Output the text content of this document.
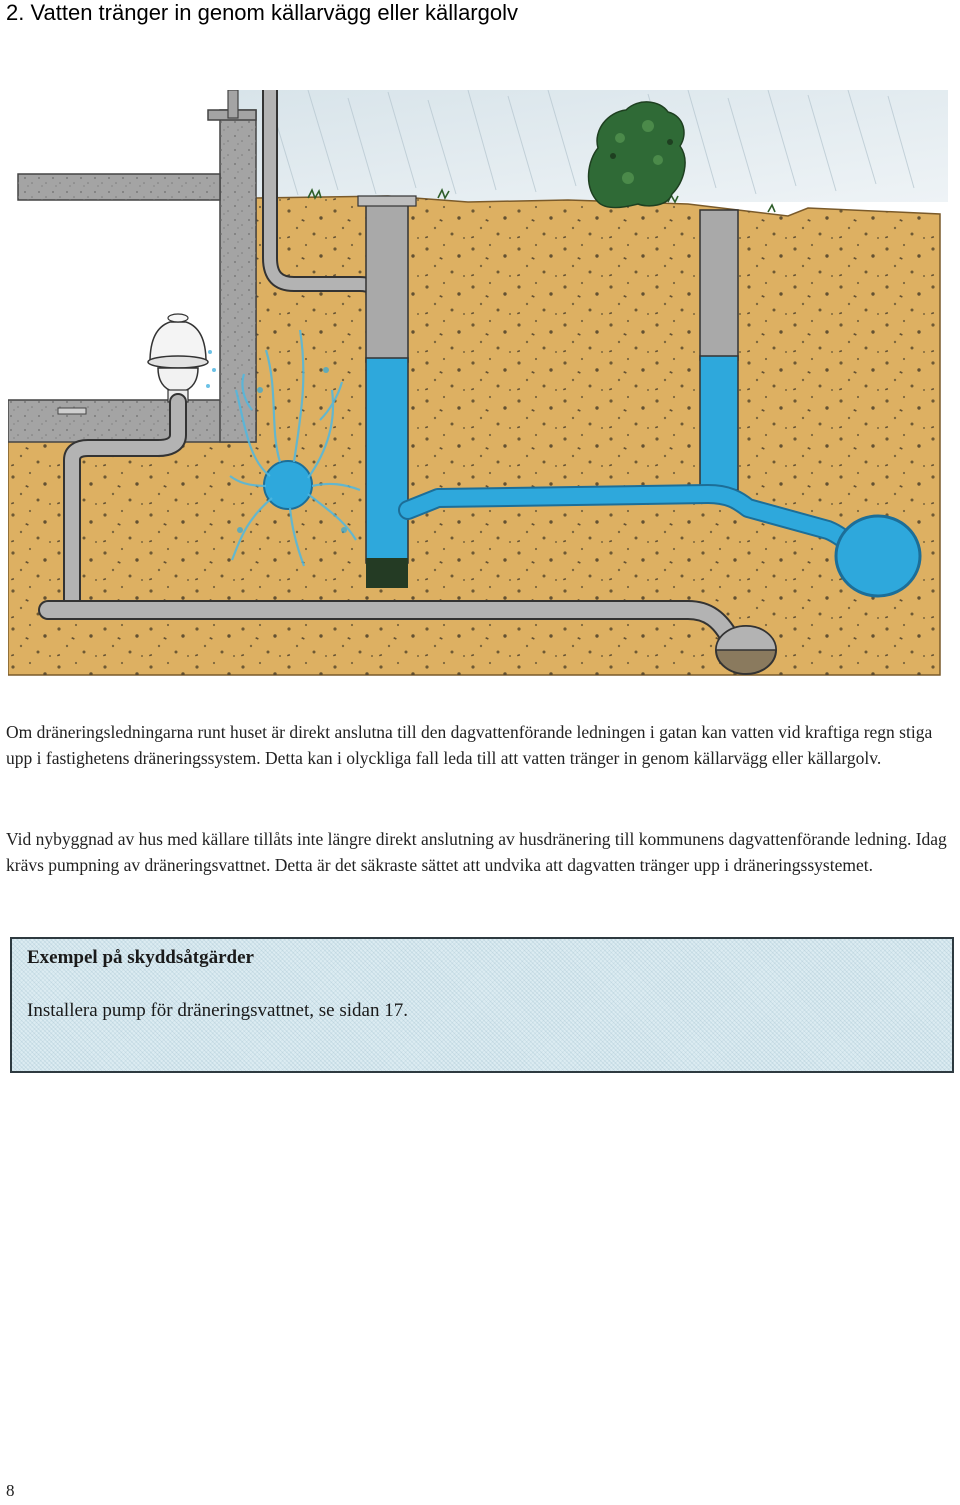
2. Vatten tränger in genom källarvägg eller källargolv

Om dräneringsledningarna runt huset är direkt anslutna till den dagvattenförande ledningen i gatan kan vatten vid kraftiga regn stiga upp i fastighetens dräneringssystem. Detta kan i olyckliga fall leda till att vatten tränger in genom källarvägg eller källargolv.

Vid nybyggnad av hus med källare tillåts inte längre direkt anslutning av husdränering till kommunens dagvattenförande ledning. Idag krävs pumpning av dräneringsvattnet. Detta är det säkraste sättet att undvika att dagvatten tränger upp i dräneringssystemet.

Exempel på skyddsåtgärder

Installera pump för dräneringsvattnet, se sidan 17.

8
